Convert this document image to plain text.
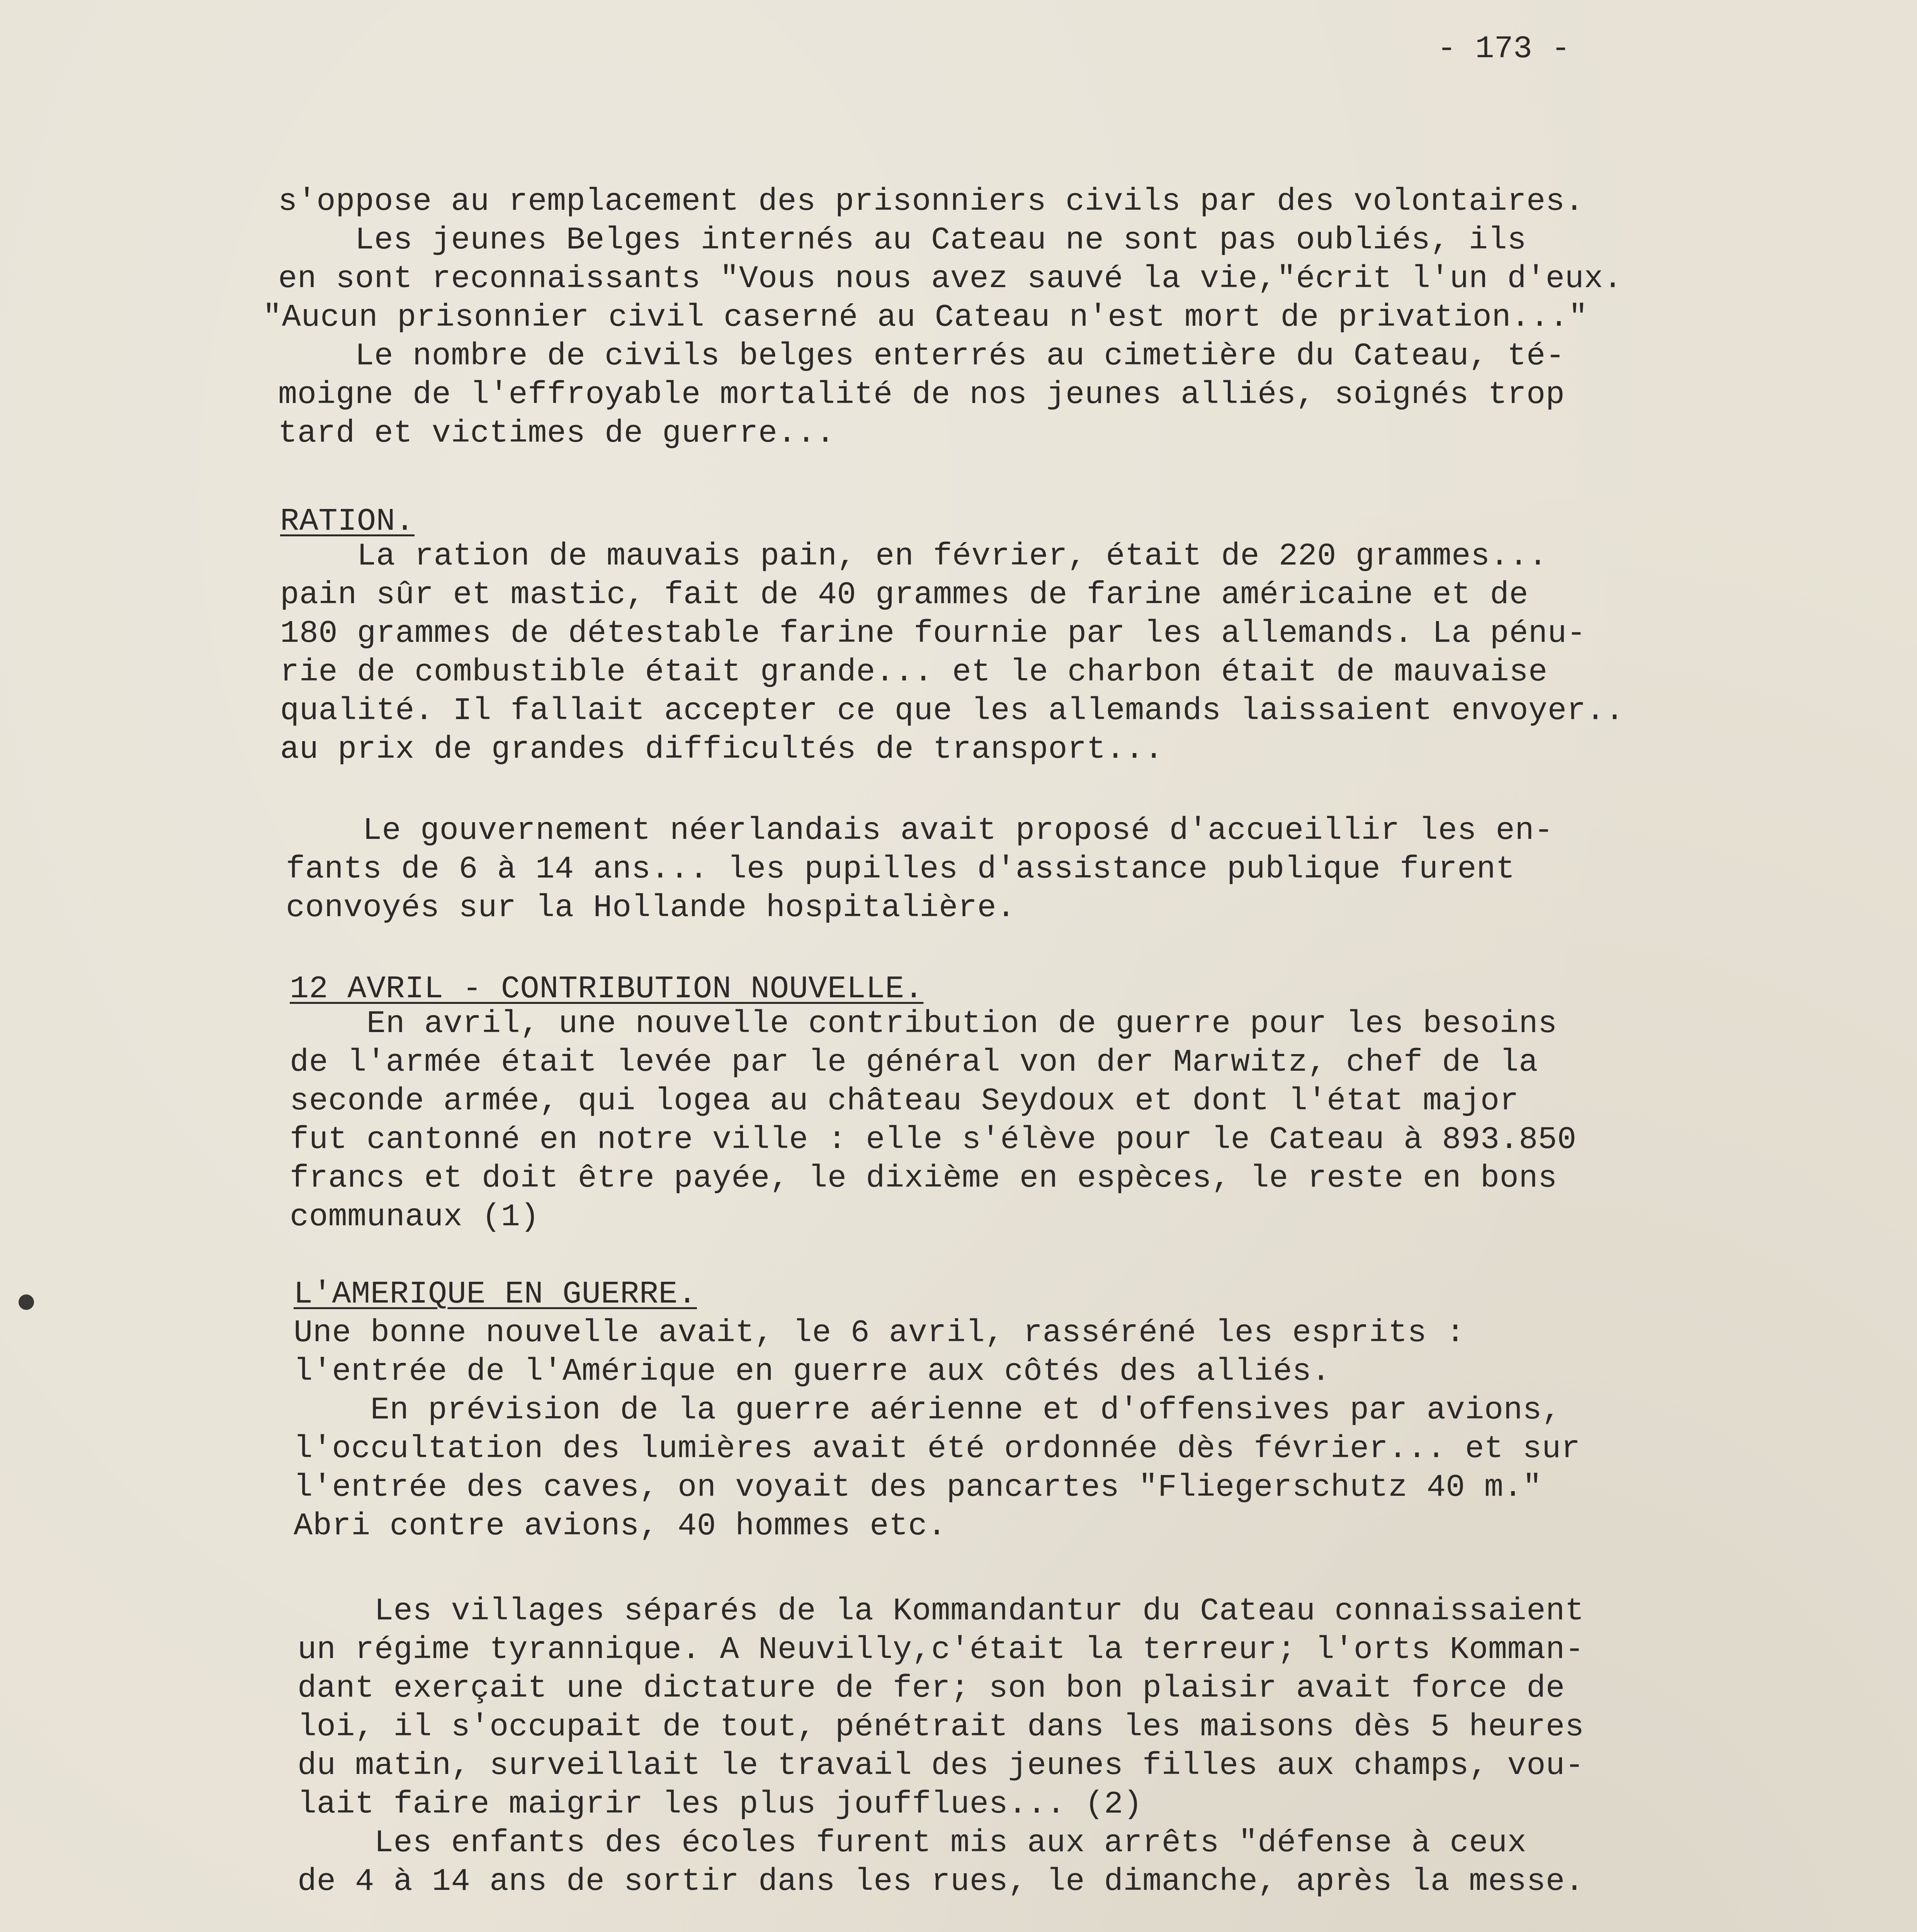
- 173 -
s'oppose au remplacement des prisonniers civils par des volontaires.
Les jeunes Belges internés au Cateau ne sont pas oubliés, ils
en sont reconnaissants "Vous nous avez sauvé la vie,"écrit l'un d'eux.
"Aucun prisonnier civil caserné au Cateau n'est mort de privation..."
Le nombre de civils belges enterrés au cimetière du Cateau, té-
moigne de l'effroyable mortalité de nos jeunes alliés, soignés trop
tard et victimes de guerre...
RATION.
La ration de mauvais pain, en février, était de 220 grammes...
pain sûr et mastic, fait de 40 grammes de farine américaine et de
180 grammes de détestable farine fournie par les allemands. La pénu-
rie de combustible était grande... et le charbon était de mauvaise
qualité. Il fallait accepter ce que les allemands laissaient envoyer..
au prix de grandes difficultés de transport...
Le gouvernement néerlandais avait proposé d'accueillir les en-
fants de 6 à 14 ans... les pupilles d'assistance publique furent
convoyés sur la Hollande hospitalière.
12 AVRIL - CONTRIBUTION NOUVELLE.
En avril, une nouvelle contribution de guerre pour les besoins
de l'armée était levée par le général von der Marwitz, chef de la
seconde armée, qui logea au château Seydoux et dont l'état major
fut cantonné en notre ville : elle s'élève pour le Cateau à 893.850
francs et doit être payée, le dixième en espèces, le reste en bons
communaux (1)
L'AMERIQUE EN GUERRE.
Une bonne nouvelle avait, le 6 avril, rasséréné les esprits :
l'entrée de l'Amérique en guerre aux côtés des alliés.
En prévision de la guerre aérienne et d'offensives par avions,
l'occultation des lumières avait été ordonnée dès février... et sur
l'entrée des caves, on voyait des pancartes "Fliegerschutz 40 m."
Abri contre avions, 40 hommes etc.
Les villages séparés de la Kommandantur du Cateau connaissaient
un régime tyrannique. A Neuvilly,c'était la terreur; l'orts Komman-
dant exerçait une dictature de fer; son bon plaisir avait force de
loi, il s'occupait de tout, pénétrait dans les maisons dès 5 heures
du matin, surveillait le travail des jeunes filles aux champs, vou-
lait faire maigrir les plus joufflues... (2)
Les enfants des écoles furent mis aux arrêts "défense à ceux
de 4 à 14 ans de sortir dans les rues, le dimanche, après la messe.
